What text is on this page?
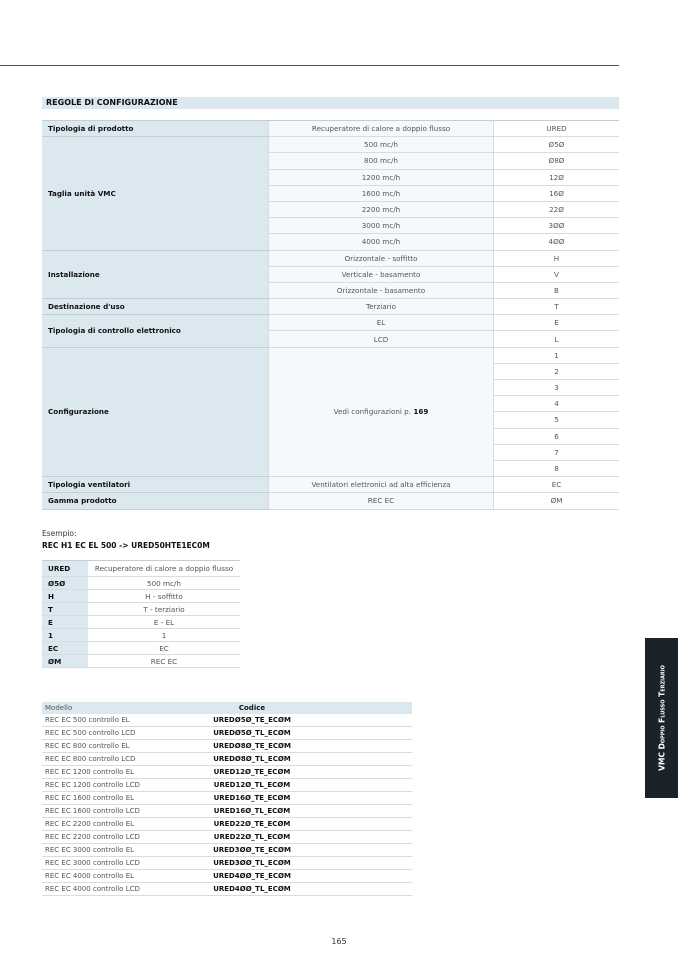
REGOLE DI CONFIGURAZIONE
Tipologia di prodotto	Recuperatore di calore a doppio flusso	URED
Taglia unità VMC	500 mc/h	Ø5Ø
	800 mc/h	Ø8Ø
	1200 mc/h	12Ø
	1600 mc/h	16Ø
	2200 mc/h	22Ø
	3000 mc/h	3ØØ
	4000 mc/h	4ØØ
Installazione	Orizzontale - soffitto	H
	Verticale - basamento	V
	Orizzontale - basamento	B
Destinazione d'uso	Terziario	T
Tipologia di controllo elettronico	EL	E
	LCD	L
Configurazione	Vedi configurazioni p. 169	1
		2
		3
		4
		5
		6
		7
		8
Tipologia ventilatori	Ventilatori elettronici ad alta efficienza	EC
Gamma prodotto	REC EC	ØM
Esempio:
REC H1 EC EL 500 -> URED50HTE1EC0M
URED	Recuperatore di calore a doppio flusso
Ø5Ø	500 mc/h
H	H - soffitto
T	T - terziario
E	E - EL
1	1
EC	EC
ØM	REC EC
Modello	Codice
REC EC 500 controllo EL	UREDØ5Ø_TE_ECØM
REC EC 500 controllo LCD	UREDØ5Ø_TL_ECØM
REC EC 800 controllo EL	UREDØ8Ø_TE_ECØM
REC EC 800 controllo LCD	UREDØ8Ø_TL_ECØM
REC EC 1200 controllo EL	URED12Ø_TE_ECØM
REC EC 1200 controllo LCD	URED12Ø_TL_ECØM
REC EC 1600 controllo EL	URED16Ø_TE_ECØM
REC EC 1600 controllo LCD	URED16Ø_TL_ECØM
REC EC 2200 controllo EL	URED22Ø_TE_ECØM
REC EC 2200 controllo LCD	URED22Ø_TL_ECØM
REC EC 3000 controllo EL	URED3ØØ_TE_ECØM
REC EC 3000 controllo LCD	URED3ØØ_TL_ECØM
REC EC 4000 controllo EL	URED4ØØ_TE_ECØM
REC EC 4000 controllo LCD	URED4ØØ_TL_ECØM
VMC Doppio Flusso Terziario
165
